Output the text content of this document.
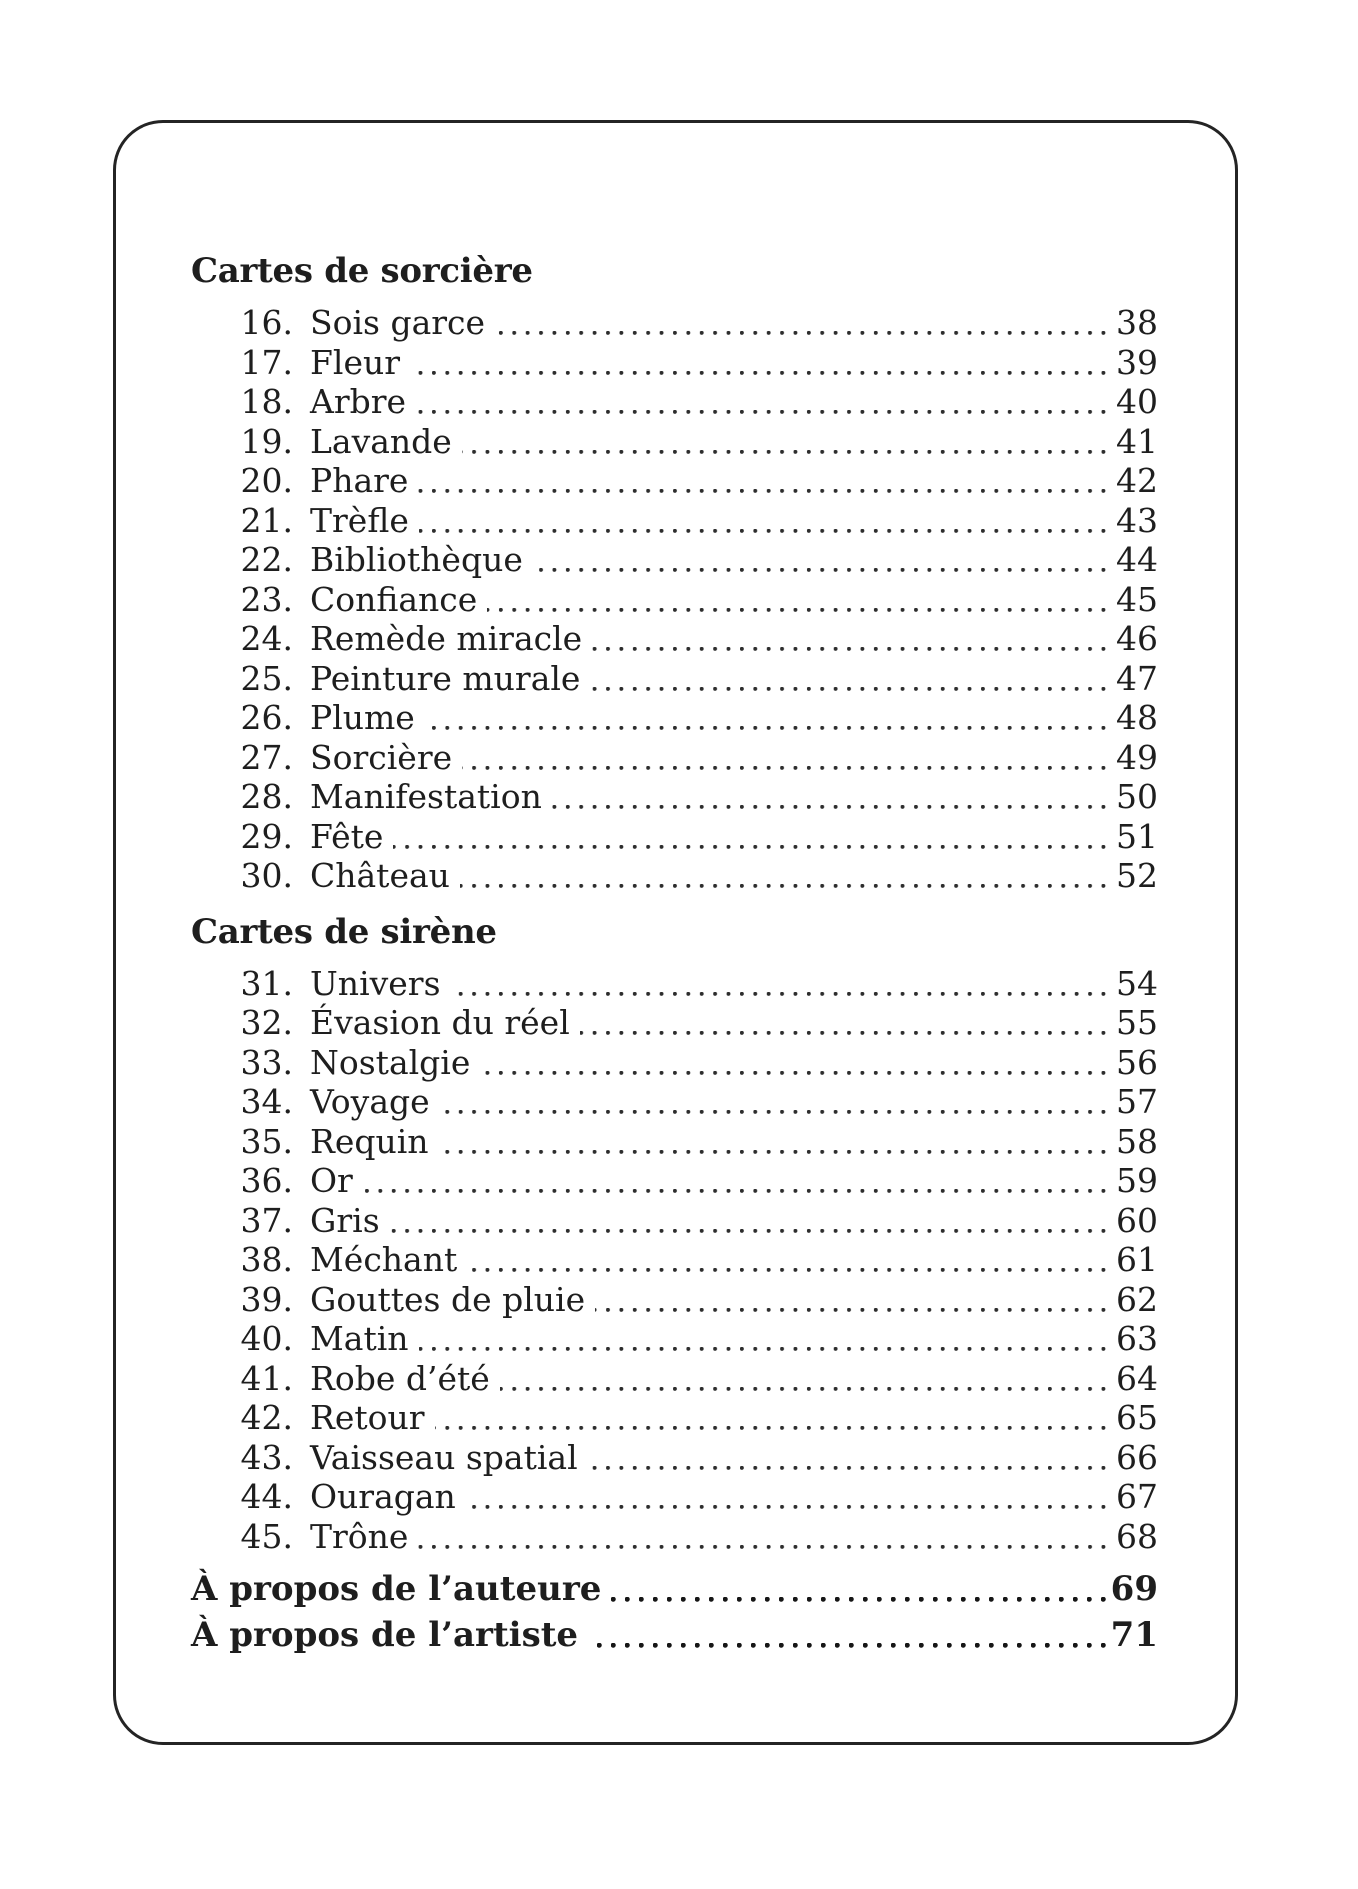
Cartes de sorcière
16. Sois garce	38
17. Fleur	39
18. Arbre	40
19. Lavande	41
20. Phare	42
21. Trèfle	43
22. Bibliothèque	44
23. Confiance	45
24. Remède miracle	46
25. Peinture murale	47
26. Plume	48
27. Sorcière	49
28. Manifestation	50
29. Fête	51
30. Château	52
Cartes de sirène
31. Univers	54
32. Évasion du réel	55
33. Nostalgie	56
34. Voyage	57
35. Requin	58
36. Or	59
37. Gris	60
38. Méchant	61
39. Gouttes de pluie	62
40. Matin	63
41. Robe d’été	64
42. Retour	65
43. Vaisseau spatial	66
44. Ouragan	67
45. Trône	68
À propos de l’auteure	69
À propos de l’artiste	71
